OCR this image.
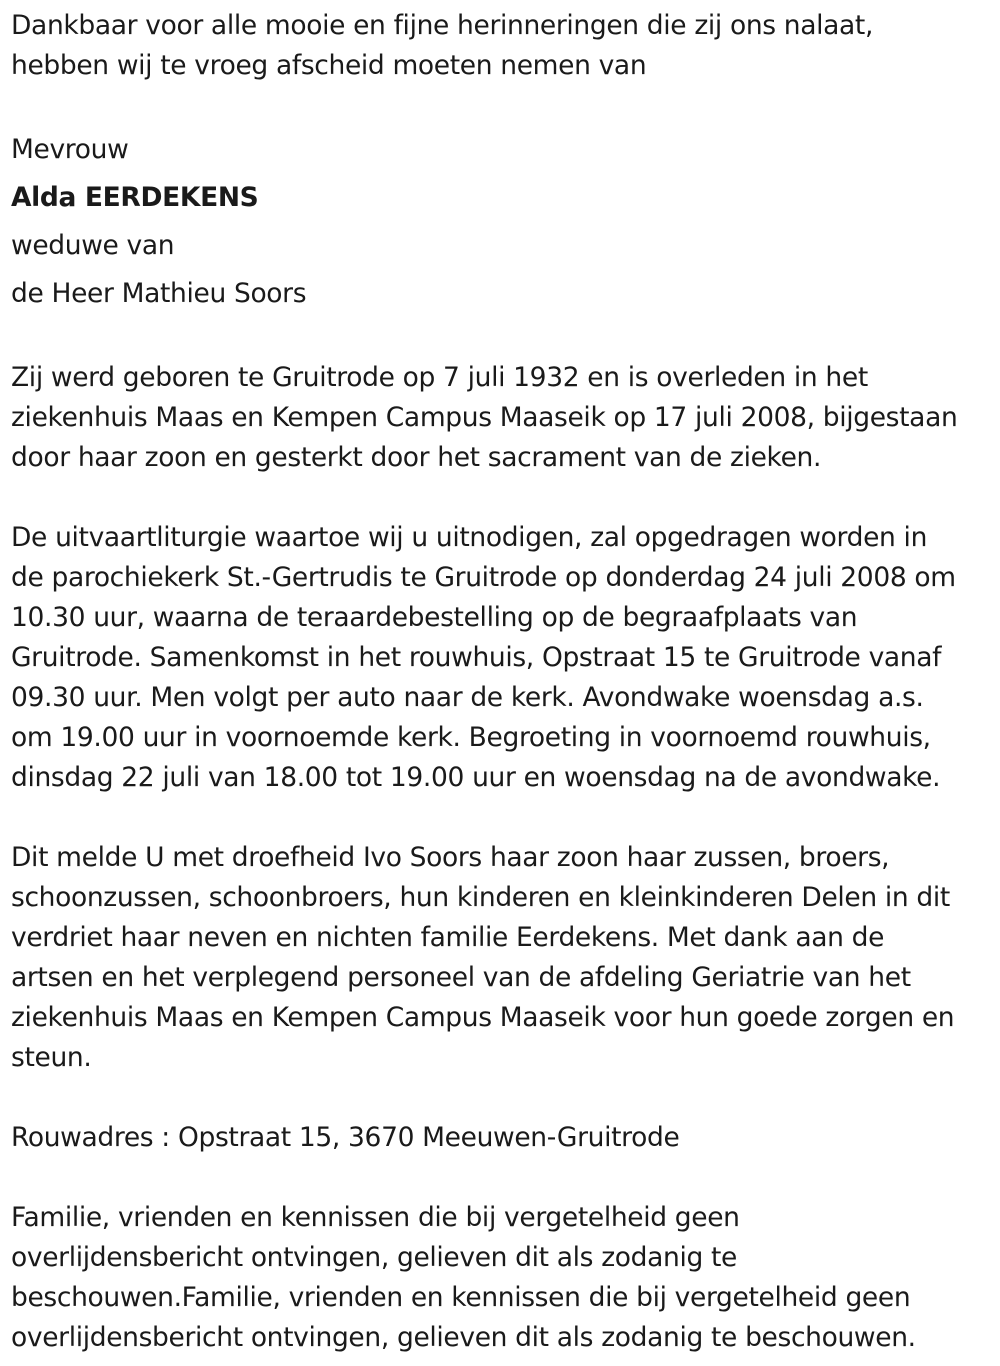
Dankbaar voor alle mooie en fijne herinneringen die zij ons nalaat,
hebben wij te vroeg afscheid moeten nemen van
Mevrouw
Alda EERDEKENS
weduwe van
de Heer Mathieu Soors
Zij werd geboren te Gruitrode op 7 juli 1932 en is overleden in het
ziekenhuis Maas en Kempen Campus Maaseik op 17 juli 2008, bijgestaan
door haar zoon en gesterkt door het sacrament van de zieken.
De uitvaartliturgie waartoe wij u uitnodigen, zal opgedragen worden in
de parochiekerk St.-Gertrudis te Gruitrode op donderdag 24 juli 2008 om
10.30 uur, waarna de teraardebestelling op de begraafplaats van
Gruitrode. Samenkomst in het rouwhuis, Opstraat 15 te Gruitrode vanaf
09.30 uur. Men volgt per auto naar de kerk. Avondwake woensdag a.s.
om 19.00 uur in voornoemde kerk. Begroeting in voornoemd rouwhuis,
dinsdag 22 juli van 18.00 tot 19.00 uur en woensdag na de avondwake.
Dit melde U met droefheid Ivo Soors haar zoon haar zussen, broers,
schoonzussen, schoonbroers, hun kinderen en kleinkinderen Delen in dit
verdriet haar neven en nichten familie Eerdekens. Met dank aan de
artsen en het verplegend personeel van de afdeling Geriatrie van het
ziekenhuis Maas en Kempen Campus Maaseik voor hun goede zorgen en
steun.
Rouwadres : Opstraat 15, 3670 Meeuwen-Gruitrode
Familie, vrienden en kennissen die bij vergetelheid geen
overlijdensbericht ontvingen, gelieven dit als zodanig te
beschouwen.Familie, vrienden en kennissen die bij vergetelheid geen
overlijdensbericht ontvingen, gelieven dit als zodanig te beschouwen.
